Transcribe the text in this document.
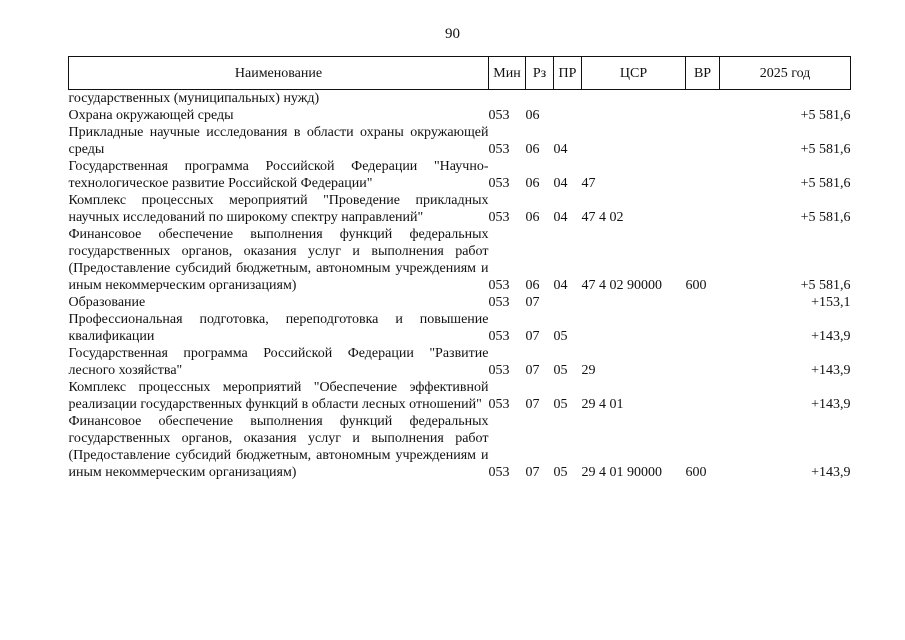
90
Наименование	Мин	Рз	ПР	ЦСР	ВР	2025 год
государственных (муниципальных) нужд)						
Охрана окружающей среды	053	06				+5 581,6
Прикладные научные исследования в области охраны окружающей среды	053	06	04			+5 581,6
Государственная программа Российской Федерации "Научно-технологическое развитие Российской Федерации"	053	06	04	47		+5 581,6
Комплекс процессных мероприятий "Проведение прикладных научных исследований по широкому спектру направлений"	053	06	04	47 4 02		+5 581,6
Финансовое обеспечение выполнения функций федеральных государственных органов, оказания услуг и выполнения работ (Предоставление субсидий бюджетным, автономным учреждениям и иным некоммерческим организациям)	053	06	04	47 4 02 90000	600	+5 581,6
Образование	053	07				+153,1
Профессиональная подготовка, переподготовка и повышение квалификации	053	07	05			+143,9
Государственная программа Российской Федерации "Развитие лесного хозяйства"	053	07	05	29		+143,9
Комплекс процессных мероприятий "Обеспечение эффективной реализации государственных функций в области лесных отношений"	053	07	05	29 4 01		+143,9
Финансовое обеспечение выполнения функций федеральных государственных органов, оказания услуг и выполнения работ (Предоставление субсидий бюджетным, автономным учреждениям и иным некоммерческим организациям)	053	07	05	29 4 01 90000	600	+143,9
